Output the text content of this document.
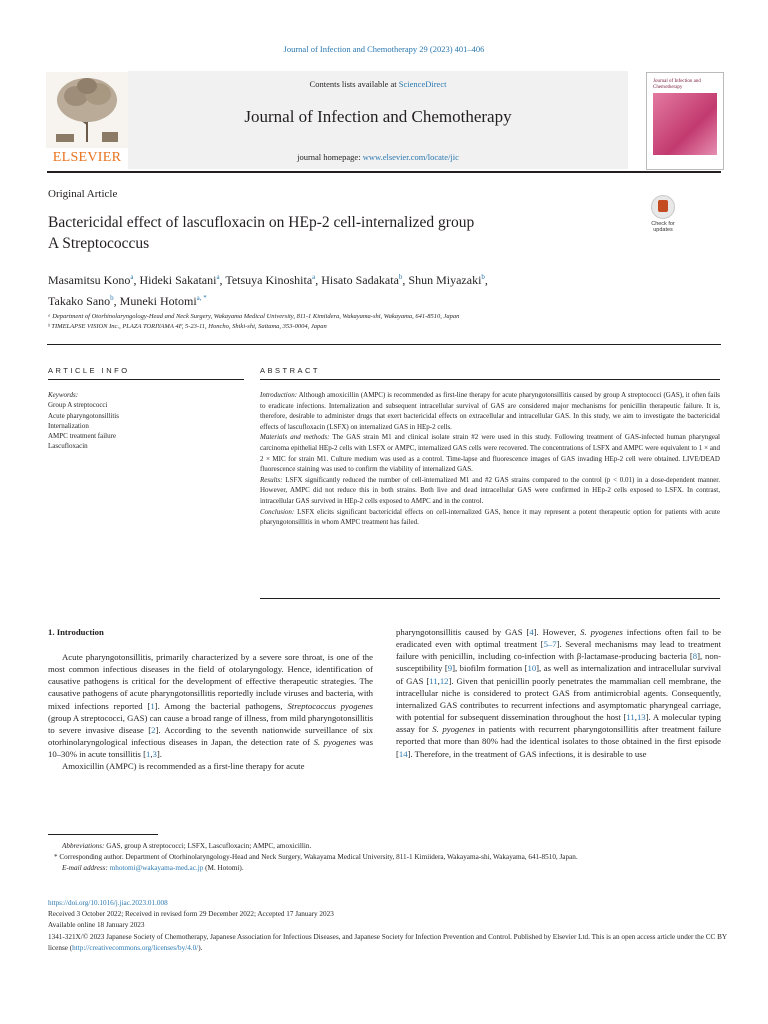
Journal of Infection and Chemotherapy 29 (2023) 401–406
ELSEVIER
Contents lists available at ScienceDirect
Journal of Infection and Chemotherapy
journal homepage: www.elsevier.com/locate/jic
Journal of Infection and Chemotherapy
Original Article
Bactericidal effect of lascufloxacin on HEp-2 cell-internalized group
A Streptococcus
Check for updates
Masamitsu Kono$^a$, Hideki Sakatani$^a$, Tetsuya Kinoshita$^a$, Hisato Sadakata$^b$, Shun Miyazaki$^b$,
Takako Sano$^b$, Muneki Hotomi$^{a, *}$
ᵃ Department of Otorhinolaryngology-Head and Neck Surgery, Wakayama Medical University, 811-1 Kimiidera, Wakayama-shi, Wakayama, 641-8510, Japan
ᵇ TIMELAPSE VISION Inc., PLAZA TORIYAMA 4F, 5-23-11, Honcho, Shiki-shi, Saitama, 353-0004, Japan
ARTICLE INFO
Keywords:
Group A streptococci
Acute pharyngotonsillitis
Internalization
AMPC treatment failure
Lascufloxacin
ABSTRACT

Introduction: Although amoxicillin (AMPC) is recommended as first-line therapy for acute pharyngotonsillitis caused by group A streptococci (GAS), it often fails to eradicate infections. Internalization and subsequent intracellular survival of GAS are considered major mechanisms for penicillin therapeutic failure. It is, therefore, desirable to administer drugs that exert bactericidal effects on extracellular and intracellular GAS. In this study, we aim to investigate the bactericidal effects of lascufloxacin (LSFX) on internalized GAS in HEp-2 cells.

Materials and methods: The GAS strain M1 and clinical isolate strain #2 were used in this study. Following treatment of GAS-infected human pharyngeal carcinoma epithelial HEp-2 cells with LSFX or AMPC, internalized GAS cells were recovered. The concentrations of LSFX and AMPC were equivalent to 1 × and 2 × MIC for strain M1. Culture medium was used as a control. Time-lapse and fluorescence images of GAS invading HEp-2 cell were obtained. LIVE/DEAD fluorescence staining was used to confirm the viability of internalized GAS.

Results: LSFX significantly reduced the number of cell-internalized M1 and #2 GAS strains compared to the control (p < 0.01) in a dose-dependent manner. However, AMPC did not reduce this in both strains. Both live and dead intracellular GAS were confirmed in HEp-2 cells exposed to LSFX. In contrast, intracellular GAS survived in HEp-2 cells exposed to AMPC and in the control.

Conclusion: LSFX elicits significant bactericidal effects on cell-internalized GAS, hence it may represent a potent therapeutic option for patients with acute pharyngotonsillitis in whom AMPC treatment has failed.

1. Introduction

Acute pharyngotonsillitis, primarily characterized by a severe sore throat, is one of the most common infectious diseases in the field of otolaryngology. Hence, identification of causative pathogens is critical for the development of effective therapeutic strategies. The causative pathogens of acute pharyngotonsillitis reportedly include viruses and bacteria, with mixed infections reported [1]. Among the bacterial pathogens, Streptococcus pyogenes (group A streptococci, GAS) can cause a broad range of illness, from mild pharyngotonsillitis to severe invasive disease [2]. According to the seventh nationwide surveillance of six otorhinolaryngological infectious diseases in Japan, the detection rate of S. pyogenes was 10–30% in acute tonsillitis [1,3].

Amoxicillin (AMPC) is recommended as a first-line therapy for acute

pharyngotonsillitis caused by GAS [4]. However, S. pyogenes infections often fail to be eradicated even with optimal treatment [5–7]. Several mechanisms may lead to treatment failure with penicillin, including co-infection with β-lactamase-producing bacteria [8], non-susceptibility [9], biofilm formation [10], as well as internalization and intracellular survival of GAS [11,12]. Given that penicillin poorly penetrates the mammalian cell membrane, the intracellular niche is considered to protect GAS from antimicrobial agents. Consequently, internalized GAS contributes to recurrent infections and asymptomatic pharyngeal carriage, with potential for subsequent dissemination throughout the host [11,13]. A molecular typing assay for S. pyogenes in patients with recurrent pharyngotonsillitis after treatment failure reported that more than 80% had the identical isolates to those obtained in the first episode [14]. Therefore, in the treatment of GAS infections, it is desirable to use

Abbreviations: GAS, group A streptococci; LSFX, Lascufloxacin; AMPC, amoxicillin.
* Corresponding author. Department of Otorhinolaryngology-Head and Neck Surgery, Wakayama Medical University, 811-1 Kimiidera, Wakayama-shi, Wakayama, 641-8510, Japan.
E-mail address: mhotomi@wakayama-med.ac.jp (M. Hotomi).
https://doi.org/10.1016/j.jiac.2023.01.008
Received 3 October 2022; Received in revised form 29 December 2022; Accepted 17 January 2023
Available online 18 January 2023
1341-321X/© 2023 Japanese Society of Chemotherapy, Japanese Association for Infectious Diseases, and Japanese Society for Infection Prevention and Control. Published by Elsevier Ltd. This is an open access article under the CC BY license (http://creativecommons.org/licenses/by/4.0/).
